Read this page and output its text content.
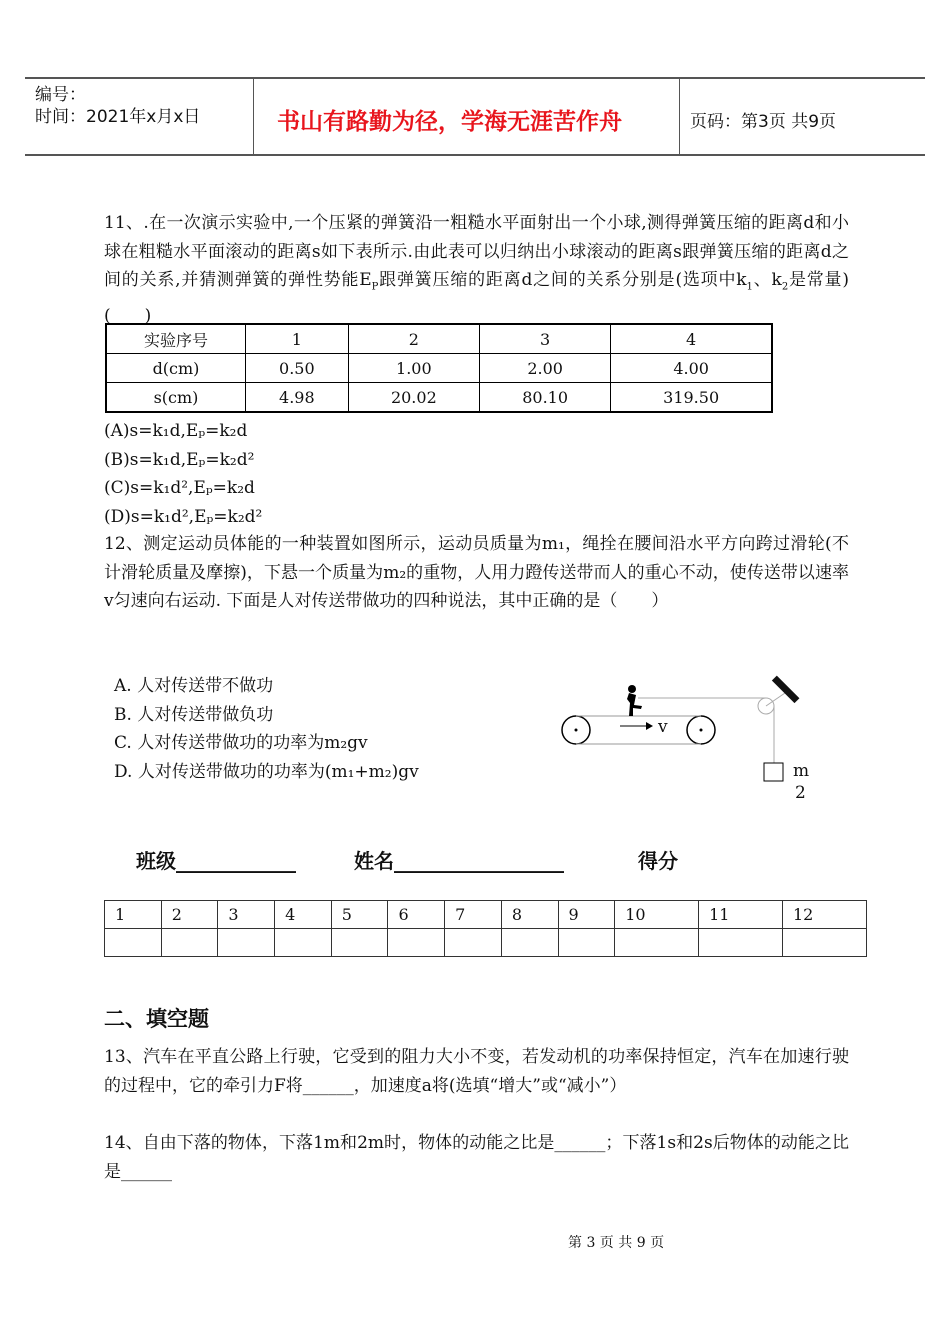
编号：
时间：2021年x月x日	书山有路勤为径，学海无涯苦作舟	页码：第3页 共9页
11、.在一次演示实验中,一个压紧的弹簧沿一粗糙水平面射出一个小球,测得弹簧压缩的距离d和小球在粗糙水平面滚动的距离s如下表所示.由此表可以归纳出小球滚动的距离s跟弹簧压缩的距离d之间的关系,并猜测弹簧的弹性势能$E_P$跟弹簧压缩的距离d之间的关系分别是(选项中$k_1$、$k_2$是常量)(　　)
实验序号	1	2	3	4
d(cm)	0.50	1.00	2.00	4.00
s(cm)	4.98	20.02	80.10	319.50
(A)s=k₁d,Eₚ=k₂d
(B)s=k₁d,Eₚ=k₂d²
(C)s=k₁d²,Eₚ=k₂d
(D)s=k₁d²,Eₚ=k₂d²
12、测定运动员体能的一种装置如图所示，运动员质量为m₁，绳拴在腰间沿水平方向跨过滑轮(不计滑轮质量及摩擦)，下悬一个质量为m₂的重物，人用力蹬传送带而人的重心不动，使传送带以速率v匀速向右运动. 下面是人对传送带做功的四种说法，其中正确的是（　　）
A. 人对传送带不做功
B. 人对传送带做负功
C. 人对传送带做功的功率为m₂gv
D. 人对传送带做功的功率为(m₁+m₂)gv
v
m
2
班级____________	姓名_________________	得分
1	2	3	4	5	6	7	8	9	10	11	12

二、填空题
13、汽车在平直公路上行驶，它受到的阻力大小不变，若发动机的功率保持恒定，汽车在加速行驶的过程中，它的牵引力F将______，加速度a将(选填“增大”或“减小”）
14、自由下落的物体，下落1m和2m时，物体的动能之比是______；下落1s和2s后物体的动能之比是______
第 3 页 共 9 页
